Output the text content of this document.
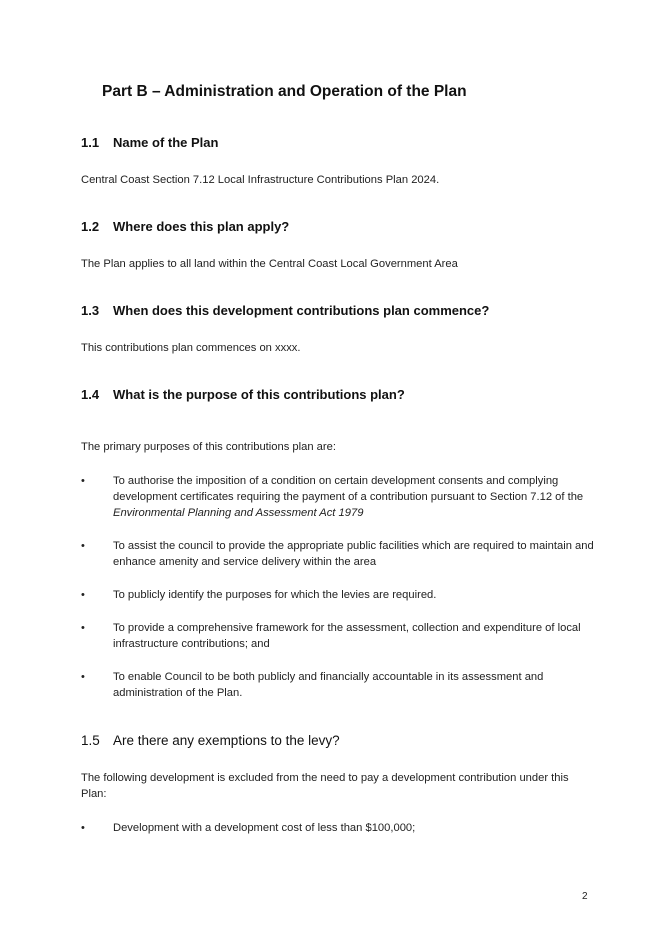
Part B – Administration and Operation of the Plan
1.1 Name of the Plan

Central Coast Section 7.12 Local Infrastructure Contributions Plan 2024.

1.2 Where does this plan apply?

The Plan applies to all land within the Central Coast Local Government Area

1.3 When does this development contributions plan commence?

This contributions plan commences on xxxx.

1.4 What is the purpose of this contributions plan?

The primary purposes of this contributions plan are:

•	To authorise the imposition of a condition on certain development consents and complying development certificates requiring the payment of a contribution pursuant to Section 7.12 of the Environmental Planning and Assessment Act 1979
•	To assist the council to provide the appropriate public facilities which are required to maintain and enhance amenity and service delivery within the area
•	To publicly identify the purposes for which the levies are required.
•	To provide a comprehensive framework for the assessment, collection and expenditure of local infrastructure contributions; and
•	To enable Council to be both publicly and financially accountable in its assessment and administration of the Plan.
1.5 Are there any exemptions to the levy?

The following development is excluded from the need to pay a development contribution under this Plan:

•	Development with a development cost of less than $100,000;
2
